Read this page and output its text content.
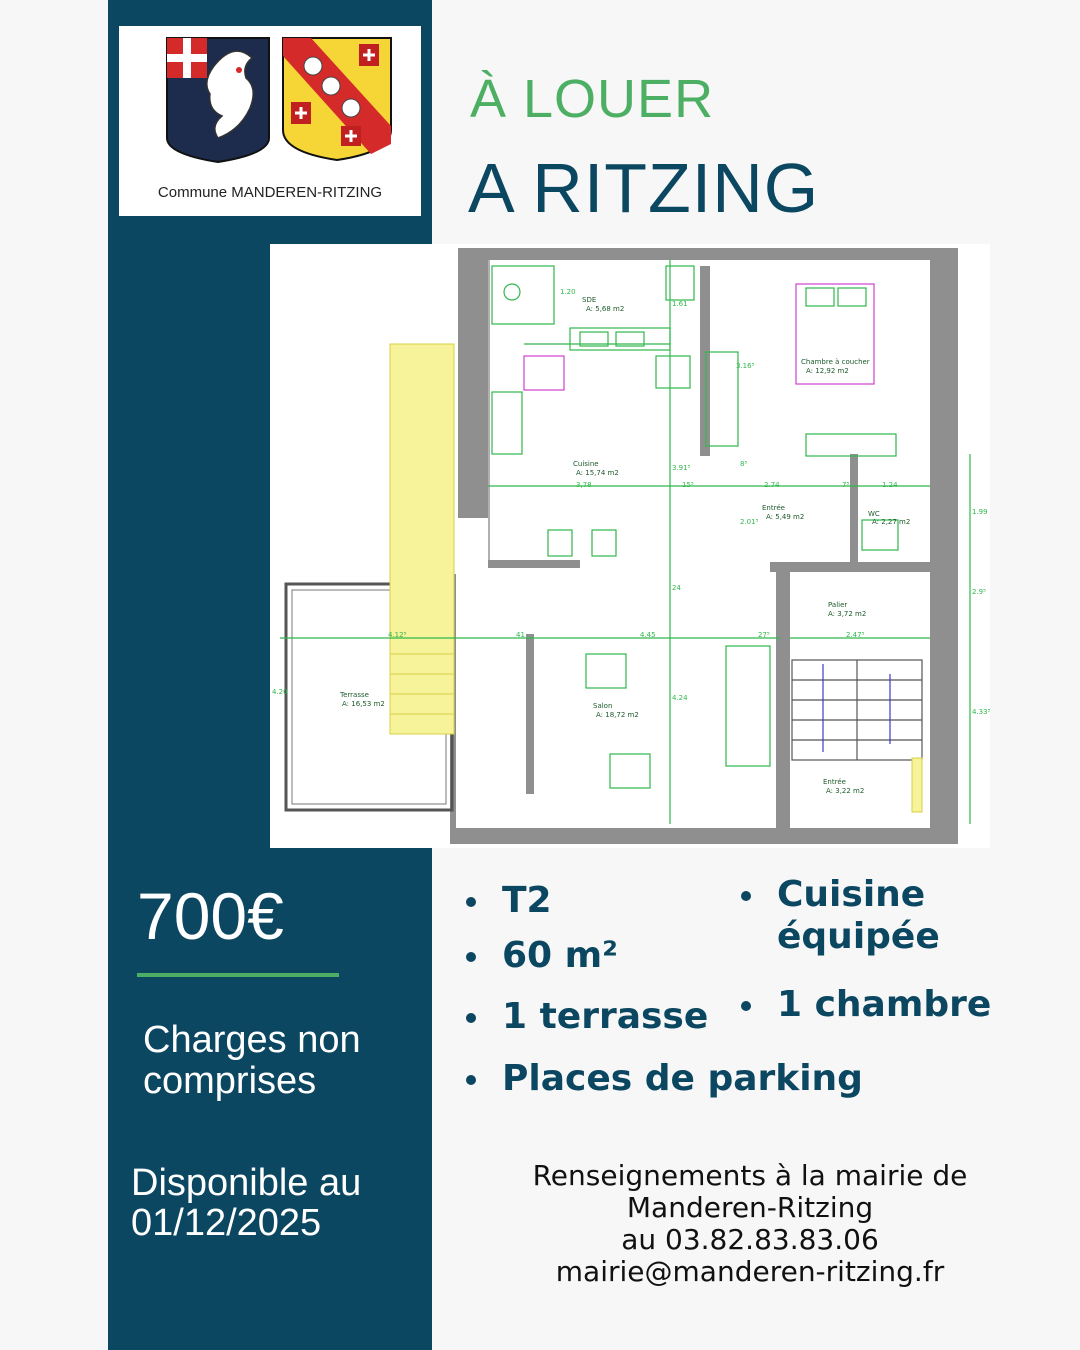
Commune MANDEREN-RITZING
À LOUER
A RITZING
SDE
A: 5,68 m2
Chambre à coucher
A: 12,92 m2
Cuisine
A: 15,74 m2
Entrée
A: 5,49 m2	WC
A: 2,27 m2
Palier
A: 3,72 m2
Terrasse
A: 16,53 m2	Salon
A: 18,72 m2
Entrée
A: 3,22 m2
1.20
1.61
3.16⁵
3.91⁵
3,78	15⁵	2.74	7⁵	1.24
2.01⁵
1.99
2.9⁵
4.12⁵	41	4.45	27⁵	2.47⁵
4.20
4.24
4.33⁵
24
8⁵
700€
Charges non comprises
Disponible au 01/12/2025
T2
60 m²
1 terrasse
Places de parking
Cuisine équipée
1 chambre
Renseignements à la mairie de
Manderen-Ritzing
au 03.82.83.83.06
mairie@manderen-ritzing.fr
